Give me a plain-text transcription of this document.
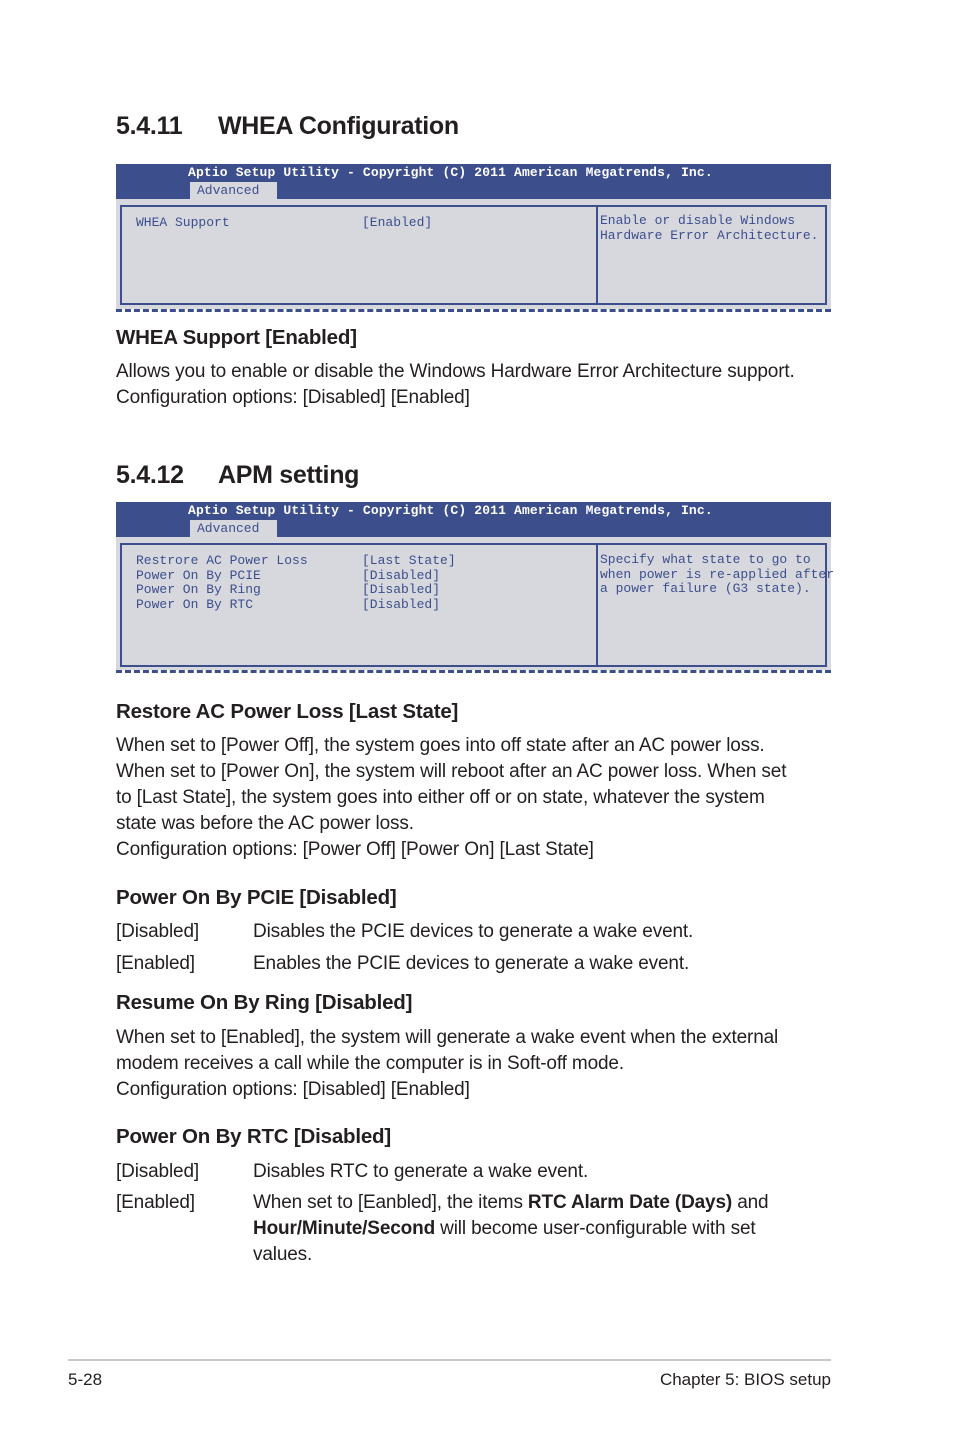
5.4.11 WHEA Configuration
Aptio Setup Utility - Copyright (C) 2011 American Megatrends, Inc.
Advanced
WHEA Support	[Enabled]	Enable or disable Windows
Hardware Error Architecture.
WHEA Support [Enabled]
Allows you to enable or disable the Windows Hardware Error Architecture support.
Configuration options: [Disabled] [Enabled]
5.4.12 APM setting
Aptio Setup Utility - Copyright (C) 2011 American Megatrends, Inc.
Advanced
Restrore AC Power Loss	[Last State]
Power On By PCIE	[Disabled]
Power On By Ring	[Disabled]
Power On By RTC	[Disabled]
Specify what state to go to
when power is re-applied after
a power failure (G3 state).
Restore AC Power Loss [Last State]
When set to [Power Off], the system goes into off state after an AC power loss.
When set to [Power On], the system will reboot after an AC power loss. When set
to [Last State], the system goes into either off or on state, whatever the system
state was before the AC power loss.
Configuration options: [Power Off] [Power On] [Last State]
Power On By PCIE [Disabled]
[Disabled]	Disables the PCIE devices to generate a wake event.
[Enabled]	Enables the PCIE devices to generate a wake event.
Resume On By Ring [Disabled]
When set to [Enabled], the system will generate a wake event when the external
modem receives a call while the computer is in Soft-off mode.
Configuration options: [Disabled] [Enabled]
Power On By RTC [Disabled]
[Disabled]	Disables RTC to generate a wake event.
[Enabled]	When set to [Eanbled], the items RTC Alarm Date (Days) and
Hour/Minute/Second will become user-configurable with set
values.
5-28	Chapter 5: BIOS setup
